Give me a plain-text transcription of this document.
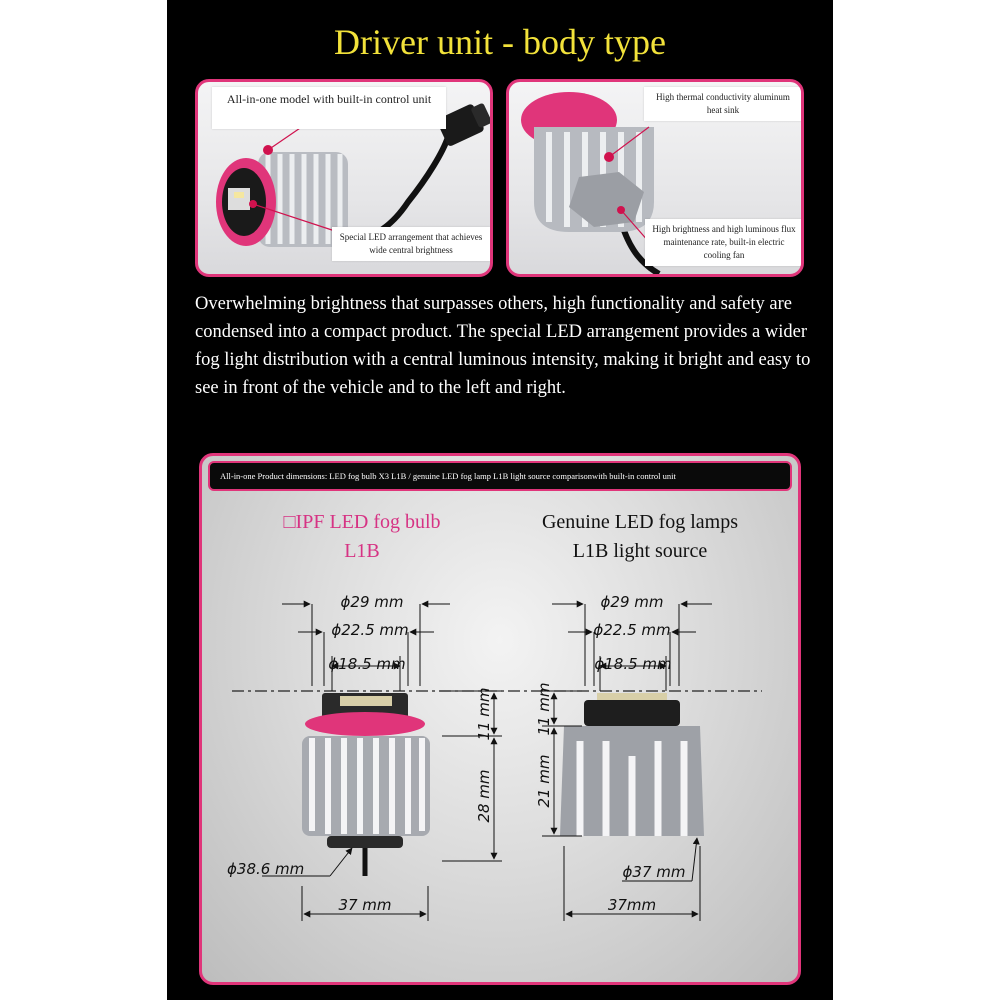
Driver unit - body type
All-in-one model with built-in control unit
Special LED arrangement that achieves wide central brightness
High thermal conductivity aluminum heat sink
High brightness and high luminous flux maintenance rate, built-in electric cooling fan
Overwhelming brightness that surpasses others, high functionality and safety are condensed into a compact product. The special LED arrangement provides a wider fog light distribution with a central luminous intensity, making it bright and easy to see in front of the vehicle and to the left and right.
All-in-one Product dimensions: LED fog bulb X3 L1B / genuine LED fog lamp L1B light source comparisonwith built-in control unit
□IPF LED fog bulb
L1B
Genuine LED fog lamps
L1B light source
ϕ29 mm
ϕ22.5 mm
ϕ18.5 mm
11 mm
28 mm
ϕ38.6 mm
37 mm
ϕ29 mm
ϕ22.5 mm
ϕ18.5 mm
11 mm
21 mm
ϕ37 mm
37mm
